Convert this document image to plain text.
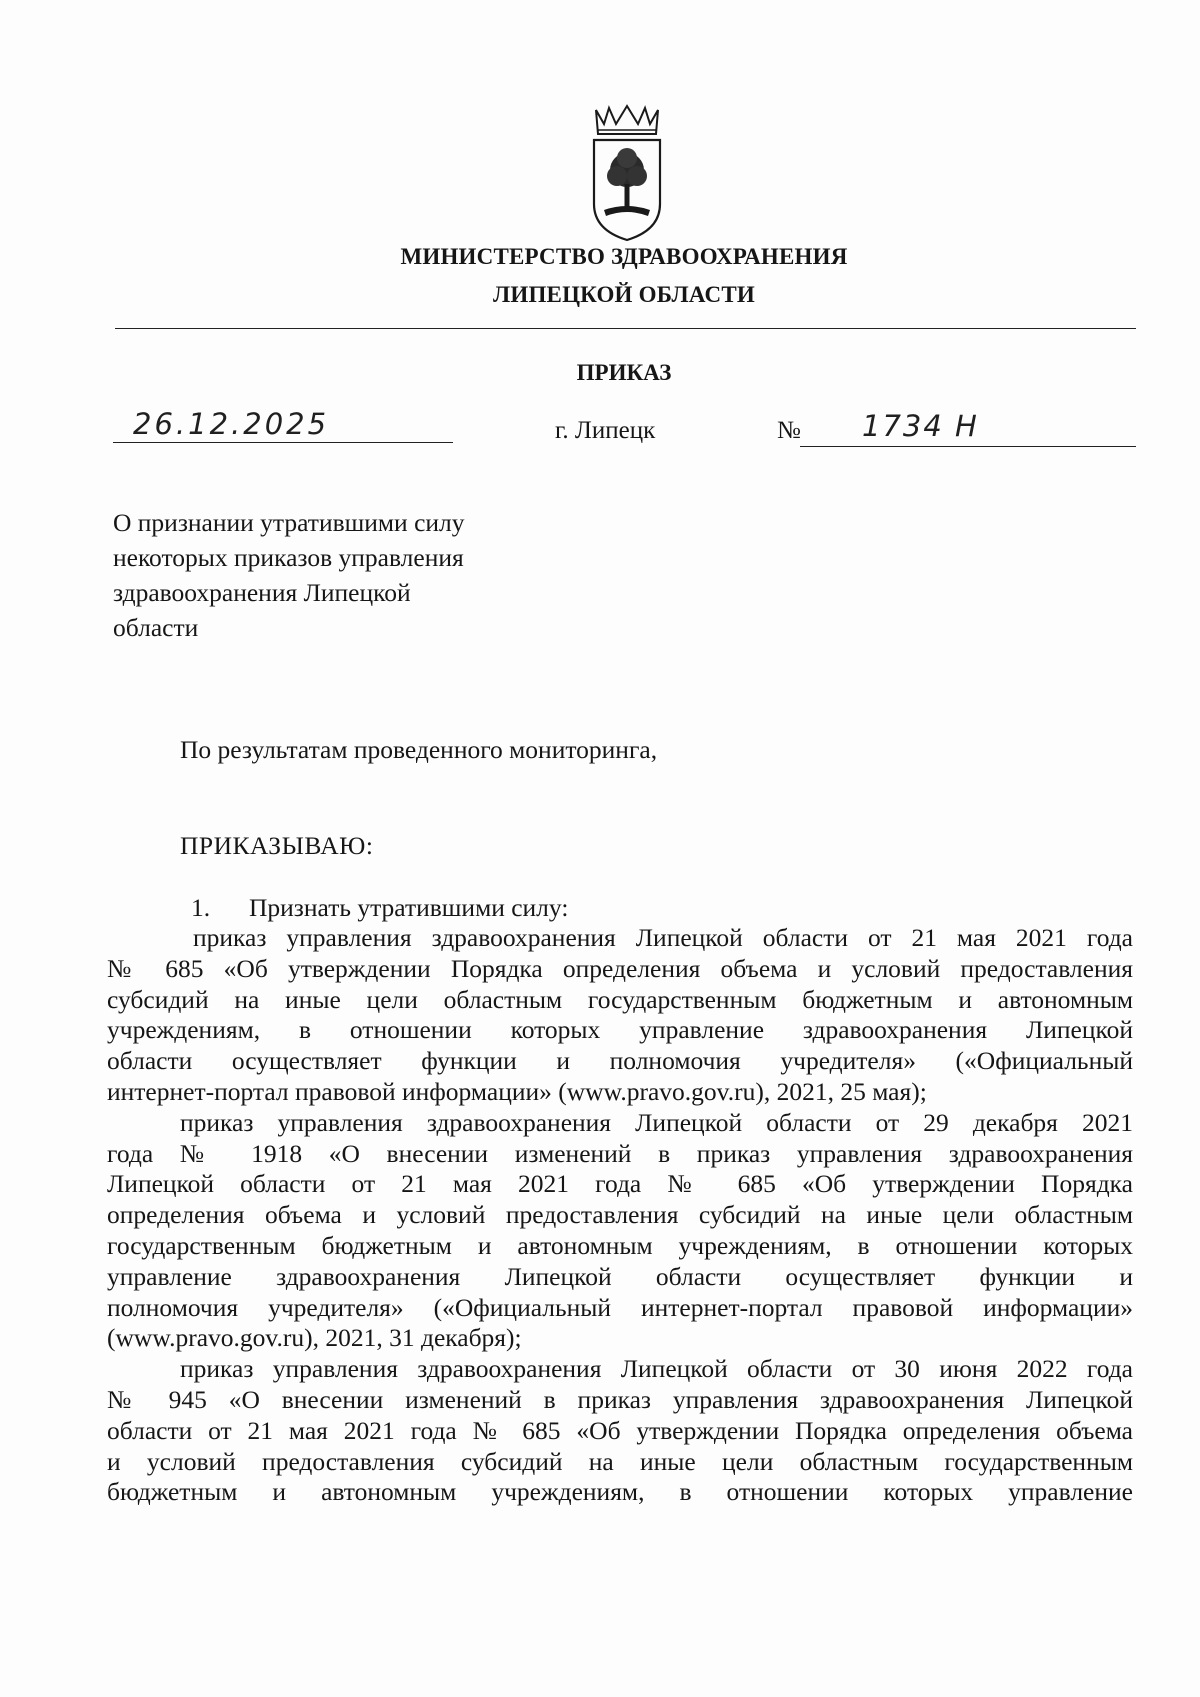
МИНИСТЕРСТВО ЗДРАВООХРАНЕНИЯ
ЛИПЕЦКОЙ ОБЛАСТИ
ПРИКАЗ
26.12.2025	г. Липецк	№ 1734 Н
О признании утратившими силу
некоторых приказов управления
здравоохранения Липецкой
области
По результатам проведенного мониторинга,
ПРИКАЗЫВАЮ:
1. Признать утратившими силу:
приказ управления здравоохранения Липецкой области от 21 мая 2021 года
№ 685 «Об утверждении Порядка определения объема и условий предоставления
субсидий на иные цели областным государственным бюджетным и автономным
учреждениям, в отношении которых управление здравоохранения Липецкой
области осуществляет функции и полномочия учредителя» («Официальный
интернет-портал правовой информации» (www.pravo.gov.ru), 2021, 25 мая);
приказ управления здравоохранения Липецкой области от 29 декабря 2021
года № 1918 «О внесении изменений в приказ управления здравоохранения
Липецкой области от 21 мая 2021 года № 685 «Об утверждении Порядка
определения объема и условий предоставления субсидий на иные цели областным
государственным бюджетным и автономным учреждениям, в отношении которых
управление здравоохранения Липецкой области осуществляет функции и
полномочия учредителя» («Официальный интернет-портал правовой информации»
(www.pravo.gov.ru), 2021, 31 декабря);
приказ управления здравоохранения Липецкой области от 30 июня 2022 года
№ 945 «О внесении изменений в приказ управления здравоохранения Липецкой
области от 21 мая 2021 года № 685 «Об утверждении Порядка определения объема
и условий предоставления субсидий на иные цели областным государственным
бюджетным и автономным учреждениям, в отношении которых управление
